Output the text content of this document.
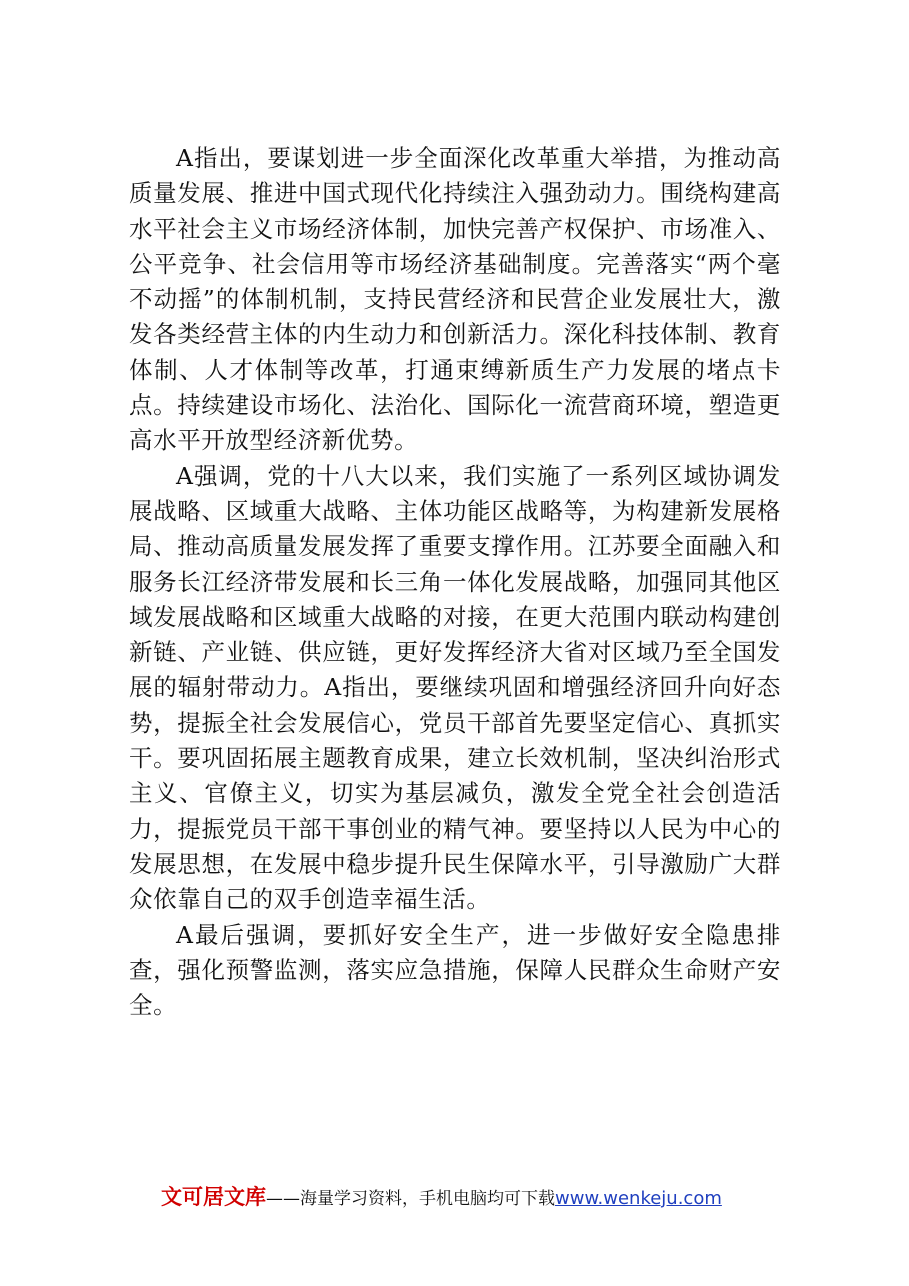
A指出，要谋划进一步全面深化改革重大举措，为推动高质量发展、推进中国式现代化持续注入强劲动力。围绕构建高水平社会主义市场经济体制，加快完善产权保护、市场准入、公平竞争、社会信用等市场经济基础制度。完善落实“两个毫不动摇”的体制机制，支持民营经济和民营企业发展壮大，激发各类经营主体的内生动力和创新活力。深化科技体制、教育体制、人才体制等改革，打通束缚新质生产力发展的堵点卡点。持续建设市场化、法治化、国际化一流营商环境，塑造更高水平开放型经济新优势。

A强调，党的十八大以来，我们实施了一系列区域协调发展战略、区域重大战略、主体功能区战略等，为构建新发展格局、推动高质量发展发挥了重要支撑作用。江苏要全面融入和服务长江经济带发展和长三角一体化发展战略，加强同其他区域发展战略和区域重大战略的对接，在更大范围内联动构建创新链、产业链、供应链，更好发挥经济大省对区域乃至全国发展的辐射带动力。A指出，要继续巩固和增强经济回升向好态势，提振全社会发展信心，党员干部首先要坚定信心、真抓实干。要巩固拓展主题教育成果，建立长效机制，坚决纠治形式主义、官僚主义，切实为基层减负，激发全党全社会创造活力，提振党员干部干事创业的精气神。要坚持以人民为中心的发展思想，在发展中稳步提升民生保障水平，引导激励广大群众依靠自己的双手创造幸福生活。

A最后强调，要抓好安全生产，进一步做好安全隐患排查，强化预警监测，落实应急措施，保障人民群众生命财产安全。

文可居文库——海量学习资料，手机电脑均可下载www.wenkeju.com
